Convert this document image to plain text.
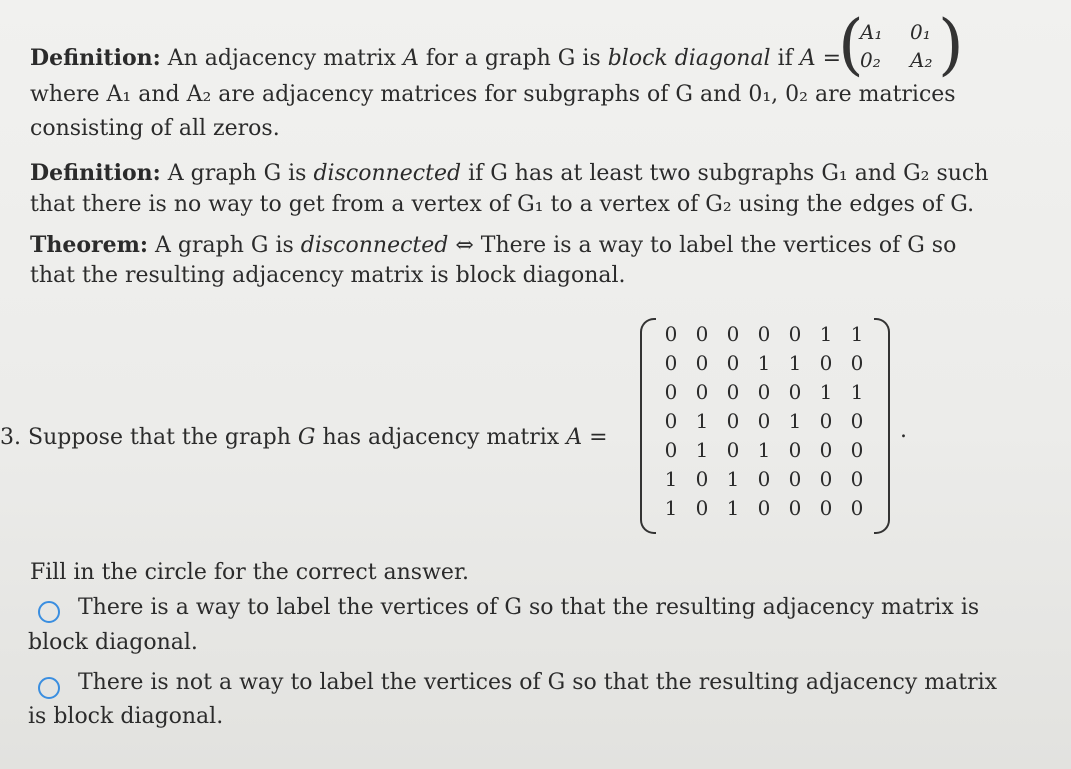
Definition: An adjacency matrix A for a graph G is block diagonal if A =
(
A₁ 0₁
0₂ A₂ )
where A₁ and A₂ are adjacency matrices for subgraphs of G and 0₁, 0₂ are matrices
consisting of all zeros.
Definition: A graph G is disconnected if G has at least two subgraphs G₁ and G₂ such
that there is no way to get from a vertex of G₁ to a vertex of G₂ using the edges of G.
Theorem: A graph G is disconnected ⇔ There is a way to label the vertices of G so
that the resulting adjacency matrix is block diagonal.
3. Suppose that the graph G has adjacency matrix A =
0 0 0 0 0 1 1
0 0 0 1 1 0 0
0 0 0 0 0 1 1
0 1 0 0 1 0 0
0 1 0 1 0 0 0
1 0 1 0 0 0 0
1 0 1 0 0 0 0
.
Fill in the circle for the correct answer.
There is a way to label the vertices of G so that the resulting adjacency matrix is
block diagonal.
There is not a way to label the vertices of G so that the resulting adjacency matrix
is block diagonal.
